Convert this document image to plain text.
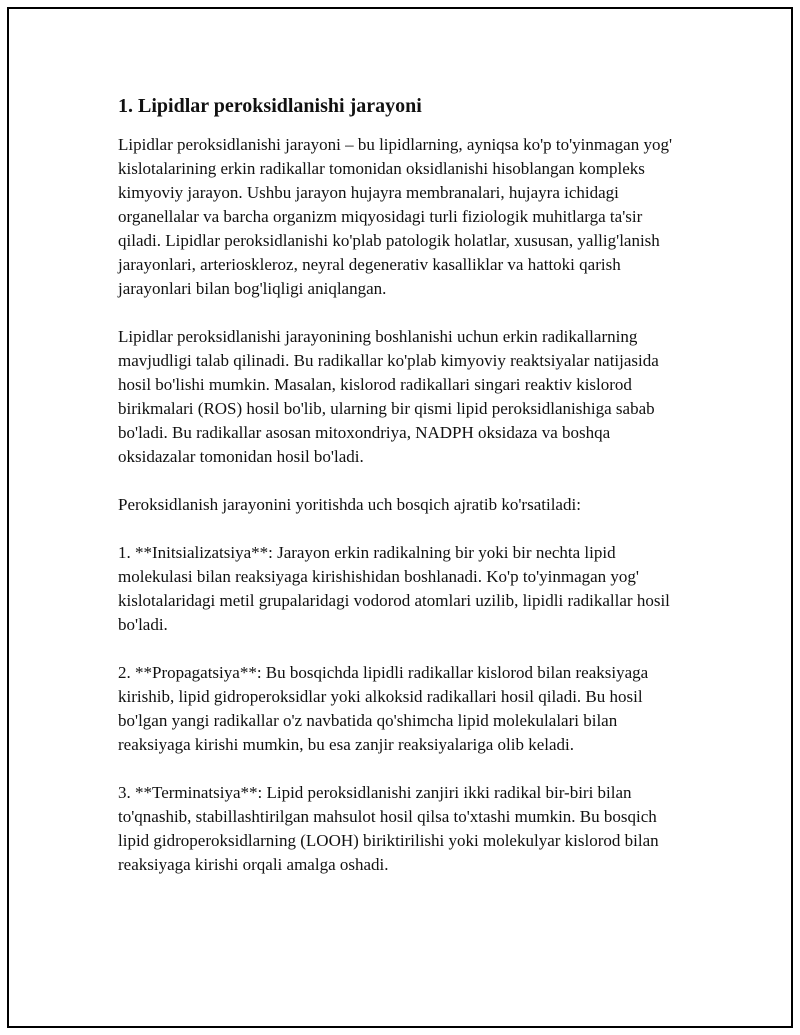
1. Lipidlar peroksidlanishi jarayoni

Lipidlar peroksidlanishi jarayoni – bu lipidlarning, ayniqsa ko'p to'yinmagan yog' kislotalarining erkin radikallar tomonidan oksidlanishi hisoblangan kompleks kimyoviy jarayon. Ushbu jarayon hujayra membranalari, hujayra ichidagi organellalar va barcha organizm miqyosidagi turli fiziologik muhitlarga ta'sir qiladi. Lipidlar peroksidlanishi ko'plab patologik holatlar, xususan, yallig'lanish jarayonlari, arterioskleroz, neyral degenerativ kasalliklar va hattoki qarish jarayonlari bilan bog'liqligi aniqlangan.

Lipidlar peroksidlanishi jarayonining boshlanishi uchun erkin radikallarning mavjudligi talab qilinadi. Bu radikallar ko'plab kimyoviy reaktsiyalar natijasida hosil bo'lishi mumkin. Masalan, kislorod radikallari singari reaktiv kislorod birikmalari (ROS) hosil bo'lib, ularning bir qismi lipid peroksidlanishiga sabab bo'ladi. Bu radikallar asosan mitoxondriya, NADPH oksidaza va boshqa oksidazalar tomonidan hosil bo'ladi.

Peroksidlanish jarayonini yoritishda uch bosqich ajratib ko'rsatiladi:

1. **Initsializatsiya**: Jarayon erkin radikalning bir yoki bir nechta lipid molekulasi bilan reaksiyaga kirishishidan boshlanadi. Ko'p to'yinmagan yog' kislotalaridagi metil grupalaridagi vodorod atomlari uzilib, lipidli radikallar hosil bo'ladi.

2. **Propagatsiya**: Bu bosqichda lipidli radikallar kislorod bilan reaksiyaga kirishib, lipid gidroperoksidlar yoki alkoksid radikallari hosil qiladi. Bu hosil bo'lgan yangi radikallar o'z navbatida qo'shimcha lipid molekulalari bilan reaksiyaga kirishi mumkin, bu esa zanjir reaksiyalariga olib keladi.

3. **Terminatsiya**: Lipid peroksidlanishi zanjiri ikki radikal bir-biri bilan to'qnashib, stabillashtirilgan mahsulot hosil qilsa to'xtashi mumkin. Bu bosqich lipid gidroperoksidlarning (LOOH) biriktirilishi yoki molekulyar kislorod bilan reaksiyaga kirishi orqali amalga oshadi.
